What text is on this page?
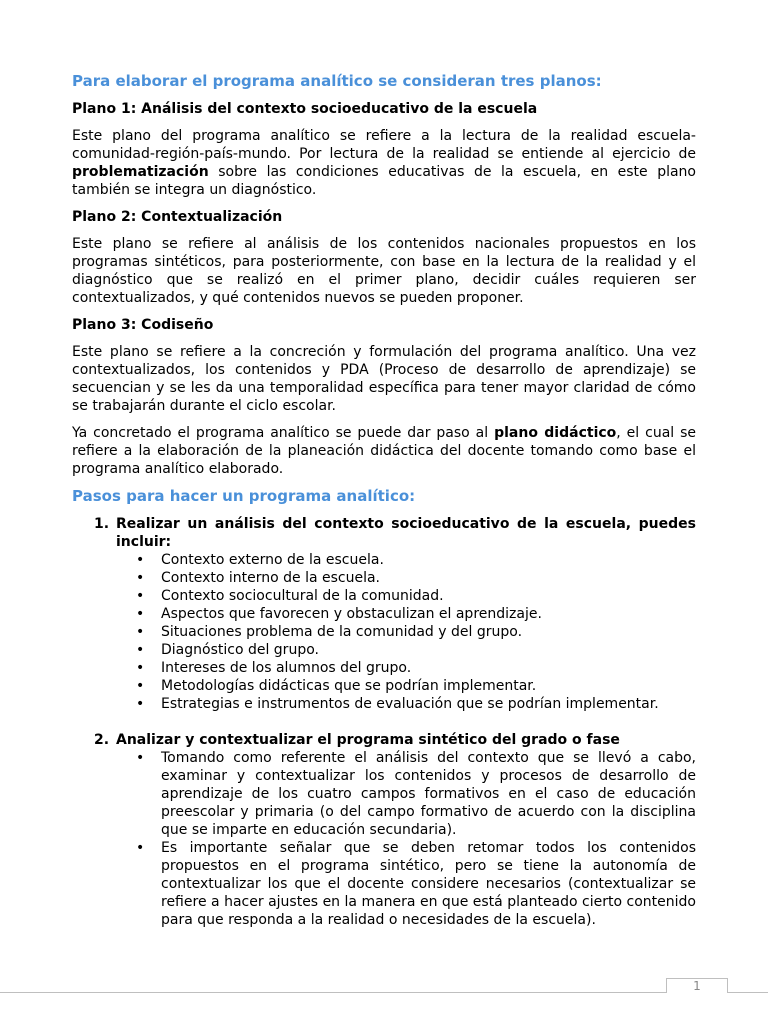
Para elaborar el programa analítico se consideran tres planos:

Plano 1: Análisis del contexto socioeducativo de la escuela

Este plano del programa analítico se refiere a la lectura de la realidad escuela-comunidad-región-país-mundo. Por lectura de la realidad se entiende al ejercicio de problematización sobre las condiciones educativas de la escuela, en este plano también se integra un diagnóstico.

Plano 2: Contextualización

Este plano se refiere al análisis de los contenidos nacionales propuestos en los programas sintéticos, para posteriormente, con base en la lectura de la realidad y el diagnóstico que se realizó en el primer plano, decidir cuáles requieren ser contextualizados, y qué contenidos nuevos se pueden proponer.

Plano 3: Codiseño

Este plano se refiere a la concreción y formulación del programa analítico. Una vez contextualizados, los contenidos y PDA (Proceso de desarrollo de aprendizaje) se secuencian y se les da una temporalidad específica para tener mayor claridad de cómo se trabajarán durante el ciclo escolar.

Ya concretado el programa analítico se puede dar paso al plano didáctico, el cual se refiere a la elaboración de la planeación didáctica del docente tomando como base el programa analítico elaborado.

Pasos para hacer un programa analítico:

1. Realizar un análisis del contexto socioeducativo de la escuela, puedes incluir:
• Contexto externo de la escuela.
• Contexto interno de la escuela.
• Contexto sociocultural de la comunidad.
• Aspectos que favorecen y obstaculizan el aprendizaje.
• Situaciones problema de la comunidad y del grupo.
• Diagnóstico del grupo.
• Intereses de los alumnos del grupo.
• Metodologías didácticas que se podrían implementar.
• Estrategias e instrumentos de evaluación que se podrían implementar.
2. Analizar y contextualizar el programa sintético del grado o fase
• Tomando como referente el análisis del contexto que se llevó a cabo, examinar y contextualizar los contenidos y procesos de desarrollo de aprendizaje de los cuatro campos formativos en el caso de educación preescolar y primaria (o del campo formativo de acuerdo con la disciplina que se imparte en educación secundaria).
• Es importante señalar que se deben retomar todos los contenidos propuestos en el programa sintético, pero se tiene la autonomía de contextualizar los que el docente considere necesarios (contextualizar se refiere a hacer ajustes en la manera en que está planteado cierto contenido para que responda a la realidad o necesidades de la escuela).
1
